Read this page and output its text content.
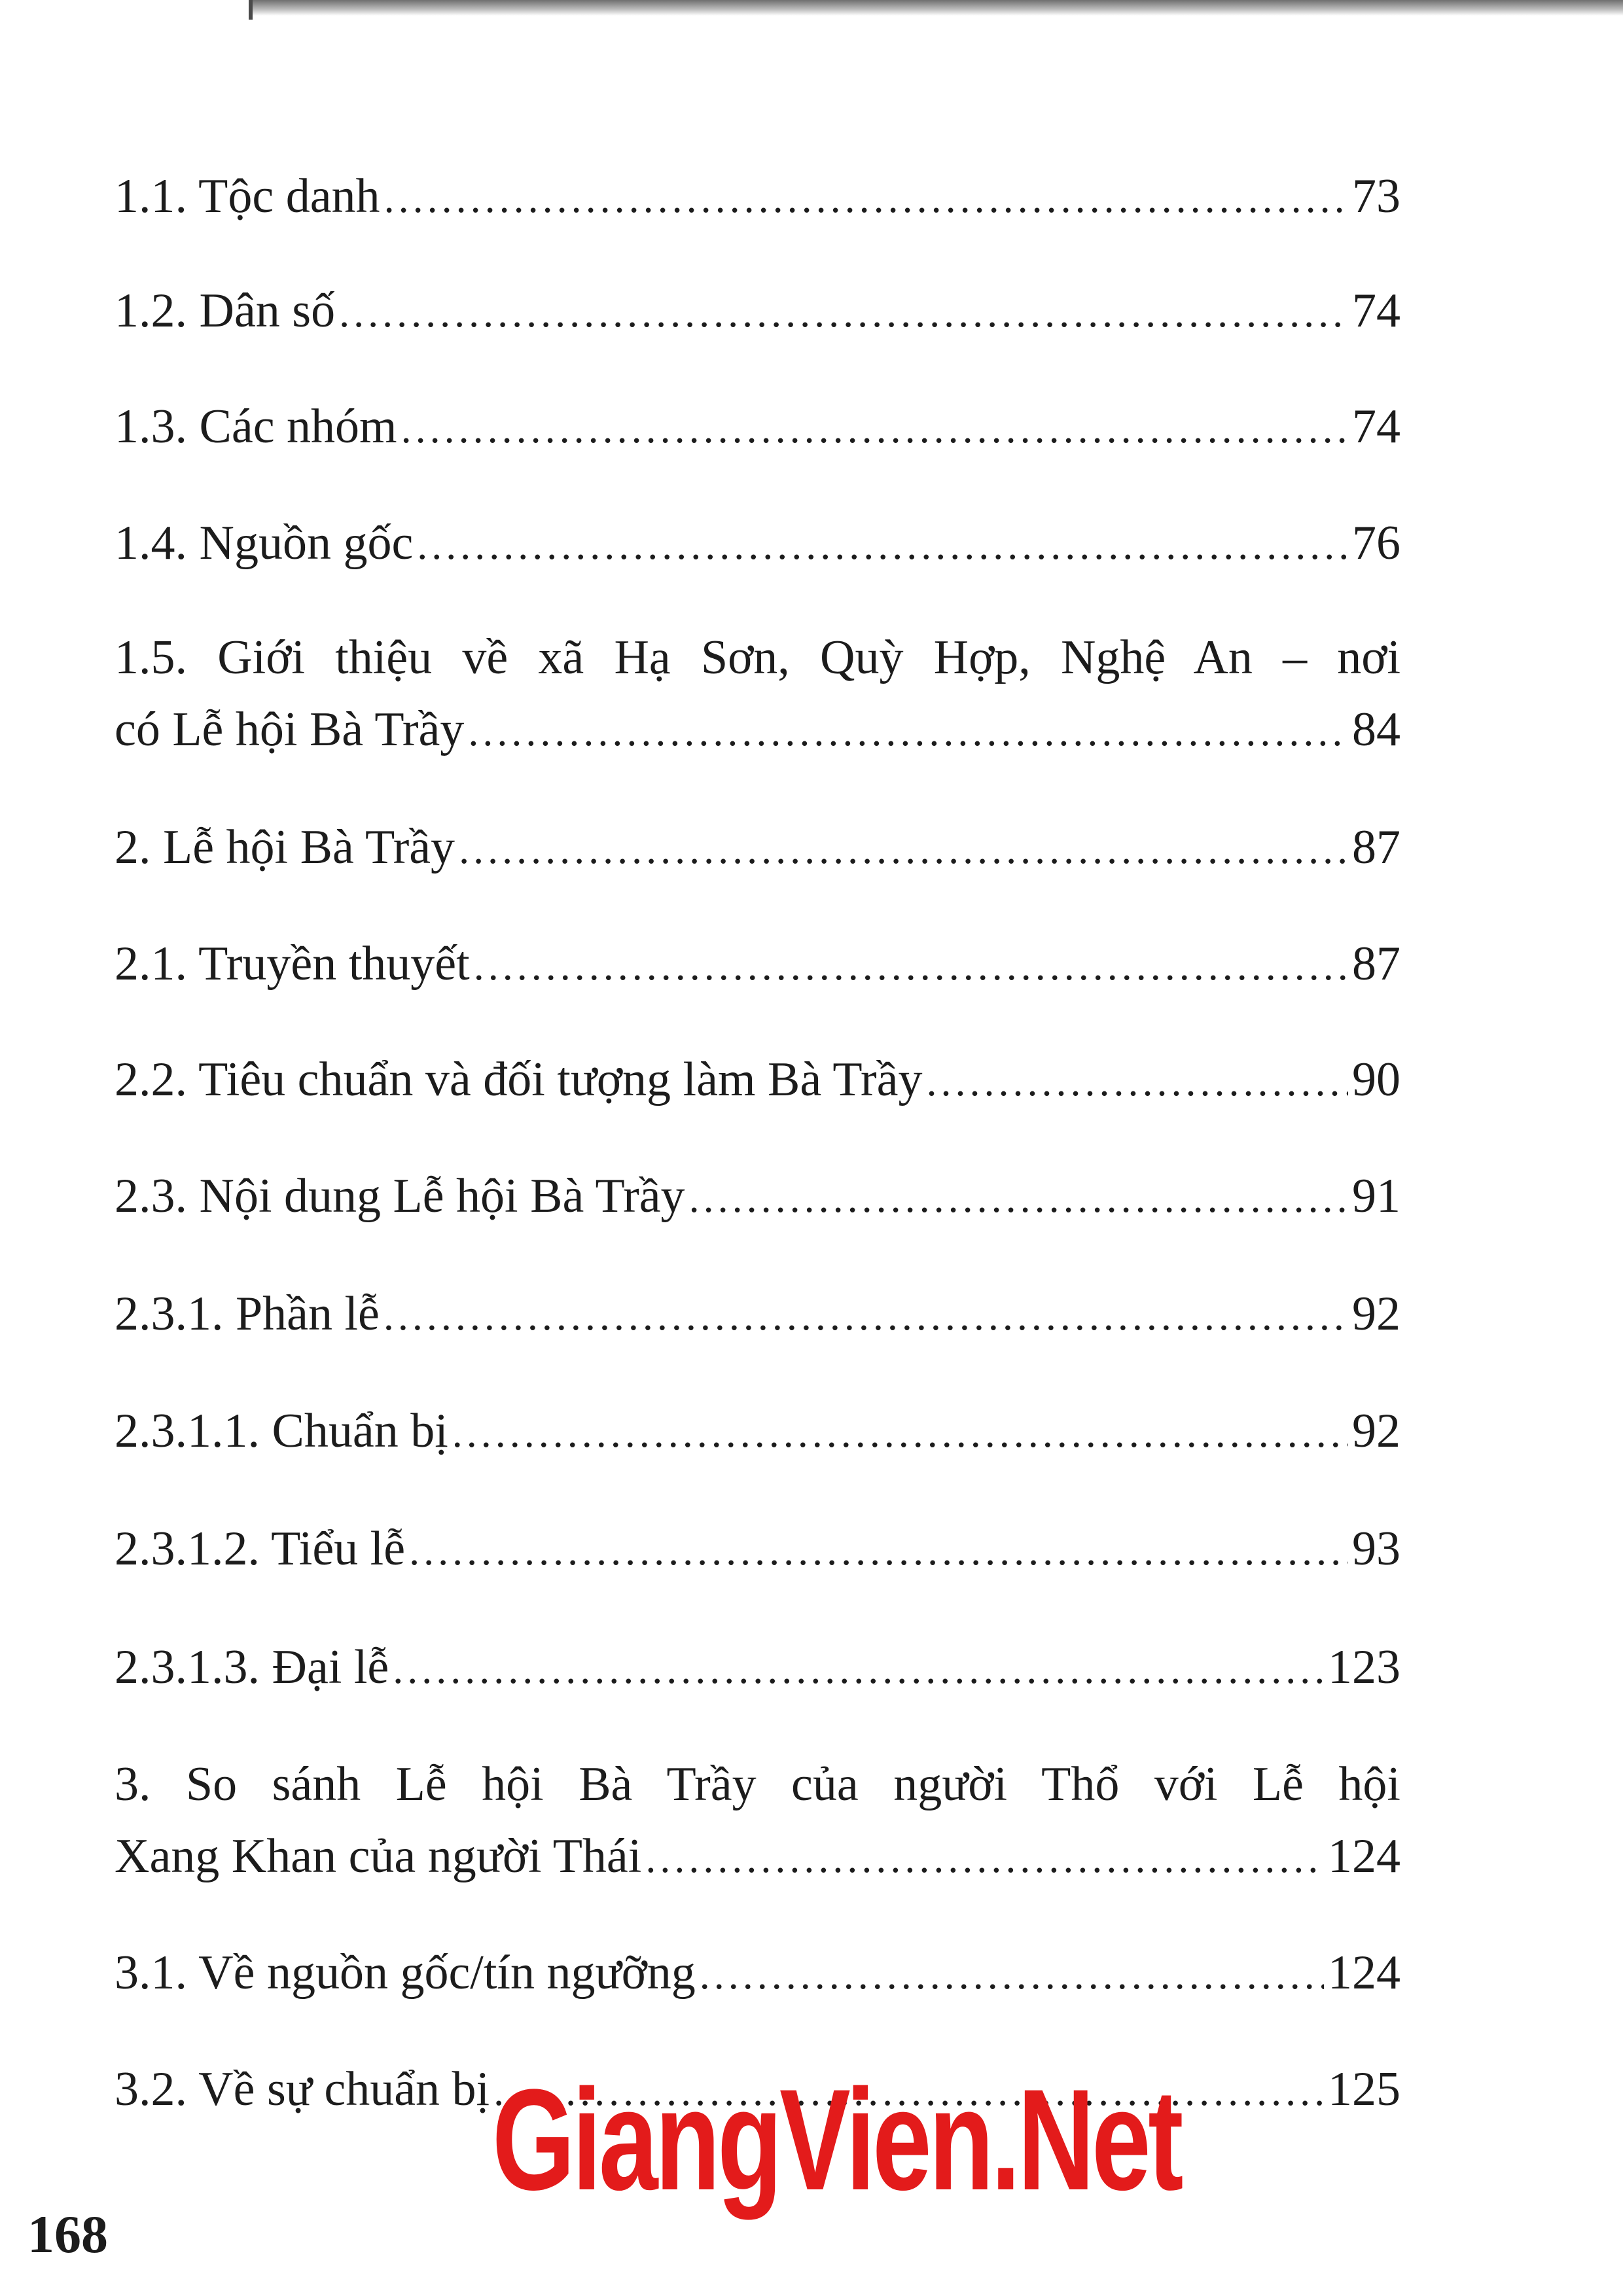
1.1. Tộc danh .....	73
1.2. Dân số .....	74
1.3. Các nhóm .....	74
1.4. Nguồn gốc .....	76
1.5. Giới thiệu về xã Hạ Sơn, Quỳ Hợp, Nghệ An – nơi
có Lễ hội Bà Trầy .....	84
2. Lễ hội Bà Trầy .....	87
2.1. Truyền thuyết .....	87
2.2. Tiêu chuẩn và đối tượng làm Bà Trầy .....	90
2.3. Nội dung Lễ hội Bà Trầy .....	91
2.3.1. Phần lễ .....	92
2.3.1.1. Chuẩn bị .....	92
2.3.1.2. Tiểu lễ .....	93
2.3.1.3. Đại lễ .....	123
3. So sánh Lễ hội Bà Trầy của người Thổ với Lễ hội
Xang Khan của người Thái .....	124
3.1. Về nguồn gốc/tín ngưỡng .....	124
3.2. Về sự chuẩn bị .....	125
GiangVien.Net
168
